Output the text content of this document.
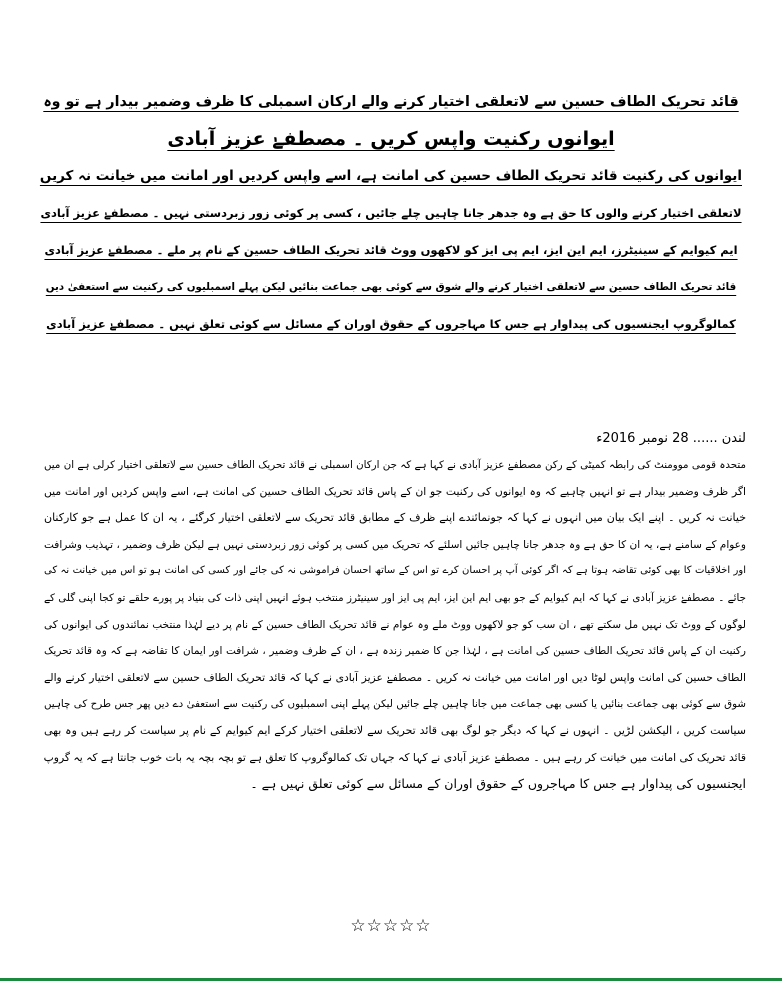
قائد تحریک الطاف حسین سے لاتعلقی اختیار کرنے والے ارکان اسمبلی کا ظرف وضمیر بیدار ہے تو وہ

ایوانوں رکنیت واپس کریں ۔ مصطفےٰ عزیز آبادی

ایوانوں کی رکنیت قائد تحریک الطاف حسین کی امانت ہے، اسے واپس کردیں اور امانت میں خیانت نہ کریں

لاتعلقی اختیار کرنے والوں کا حق ہے وہ جدھر جانا چاہیں چلے جائیں ، کسی پر کوئی زور زبردستی نہیں ۔ مصطفےٰ عزیز آبادی

ایم کیوایم کے سینیٹرز، ایم این ایز، ایم پی ایز کو لاکھوں ووٹ قائد تحریک الطاف حسین کے نام پر ملے ۔ مصطفےٰ عزیز آبادی

قائد تحریک الطاف حسین سے لاتعلقی اختیار کرنے والے شوق سے کوئی بھی جماعت بنائیں لیکن پہلے اسمبلیوں کی رکنیت سے استعفیٰ دیں

کمالوگروپ ایجنسیوں کی پیداوار ہے جس کا مہاجروں کے حقوق اوران کے مسائل سے کوئی تعلق نہیں ۔ مصطفےٰ عزیز آبادی

لندن ...... 28 نومبر 2016ء

متحدہ قومی موومنٹ کی رابطہ کمیٹی کے رکن مصطفےٰ عزیز آبادی نے کہا ہے کہ جن ارکان اسمبلی نے قائد تحریک الطاف حسین سے لاتعلقی اختیار کرلی ہے ان میں

اگر ظرف وضمیر بیدار ہے تو انہیں چاہیے کہ وہ ایوانوں کی رکنیت جو ان کے پاس قائد تحریک الطاف حسین کی امانت ہے، اسے واپس کردیں اور امانت میں

خیانت نہ کریں ۔ اپنے ایک بیان میں انہوں نے کہا کہ جونمائندے اپنے ظرف کے مطابق قائد تحریک سے لاتعلقی اختیار کرگئے ، یہ ان کا عمل ہے جو کارکنان

وعوام کے سامنے ہے، یہ ان کا حق ہے وہ جدھر جانا چاہیں جائیں اسلئے کہ تحریک میں کسی پر کوئی زور زبردستی نہیں ہے لیکن ظرف وضمیر ، تہذیب وشرافت

اور اخلاقیات کا بھی کوئی تقاضہ ہوتا ہے کہ اگر کوئی آپ پر احسان کرے تو اس کے ساتھ احسان فراموشی نہ کی جائے اور کسی کی امانت ہو تو اس میں خیانت نہ کی

جائے ۔ مصطفےٰ عزیز آبادی نے کہا کہ ایم کیوایم کے جو بھی ایم این ایز، ایم پی ایز اور سینیٹرز منتخب ہوئے انہیں اپنی ذات کی بنیاد پر پورے حلقے تو کجا اپنی گلی کے

لوگوں کے ووٹ تک نہیں مل سکتے تھے ، ان سب کو جو لاکھوں ووٹ ملے وہ عوام نے قائد تحریک الطاف حسین کے نام پر دیے لہٰذا منتخب نمائندوں کی ایوانوں کی

رکنیت ان کے پاس قائد تحریک الطاف حسین کی امانت ہے ، لہٰذا جن کا ضمیر زندہ ہے ، ان کے ظرف وضمیر ، شرافت اور ایمان کا تقاضہ ہے کہ وہ قائد تحریک

الطاف حسین کی امانت واپس لوٹا دیں اور امانت میں خیانت نہ کریں ۔ مصطفےٰ عزیز آبادی نے کہا کہ قائد تحریک الطاف حسین سے لاتعلقی اختیار کرنے والے

شوق سے کوئی بھی جماعت بنائیں یا کسی بھی جماعت میں جانا چاہیں چلے جائیں لیکن پہلے اپنی اسمبلیوں کی رکنیت سے استعفیٰ دے دیں پھر جس طرح کی چاہیں

سیاست کریں ، الیکشن لڑیں ۔ انہوں نے کہا کہ دیگر جو لوگ بھی قائد تحریک سے لاتعلقی اختیار کرکے ایم کیوایم کے نام پر سیاست کر رہے ہیں وہ بھی

قائد تحریک کی امانت میں خیانت کر رہے ہیں ۔ مصطفےٰ عزیز آبادی نے کہا کہ جہاں تک کمالوگروپ کا تعلق ہے تو بچہ بچہ یہ بات خوب جانتا ہے کہ یہ گروپ

ایجنسیوں کی پیداوار ہے جس کا مہاجروں کے حقوق اوران کے مسائل سے کوئی تعلق نہیں ہے ۔

☆☆☆☆☆
